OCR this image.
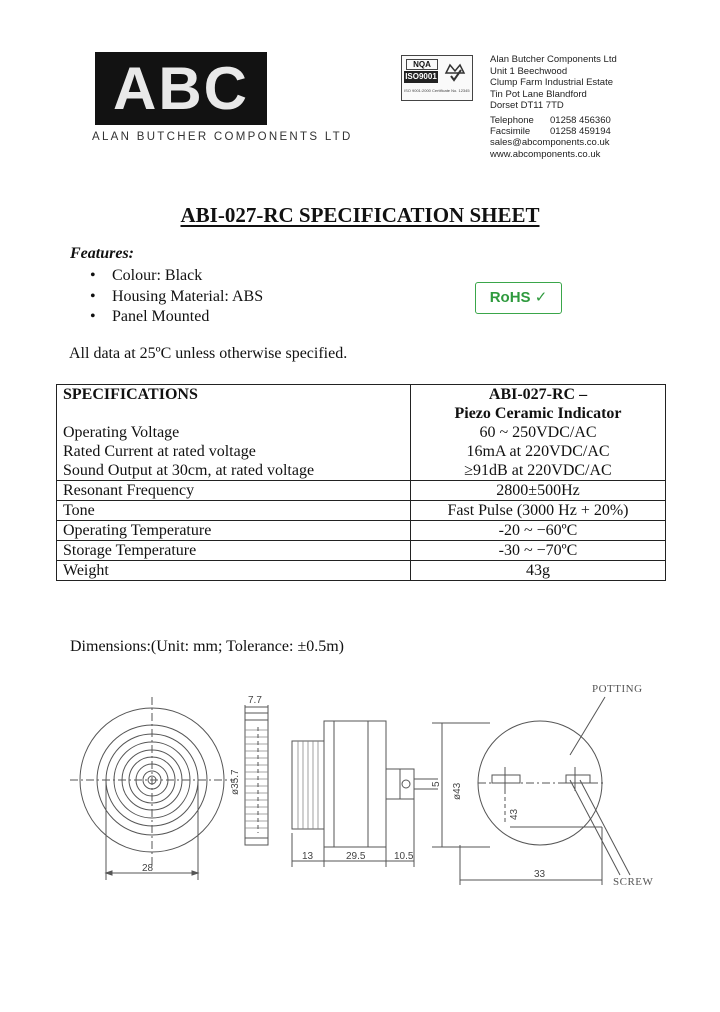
ABC
ALAN BUTCHER COMPONENTS LTD
NQA
ISO9001
ISO 9001:2000 Certificate No. 12345
Alan Butcher Components Ltd
Unit 1 Beechwood
Clump Farm Industrial Estate
Tin Pot Lane Blandford
Dorset DT11 7TD
Telephone 01258 456360
Facsimile 01258 459194
sales@abcomponents.co.uk
www.abcomponents.co.uk
ABI-027-RC SPECIFICATION SHEET
Features:
• Colour: Black
• Housing Material: ABS
• Panel Mounted
RoHS ✓
All data at 25ºC unless otherwise specified.
SPECIFICATIONS	ABI-027-RC –
	Piezo Ceramic Indicator
Operating Voltage	60 ~ 250VDC/AC
Rated Current at rated voltage	16mA at 220VDC/AC
Sound Output at 30cm, at rated voltage	≥91dB at 220VDC/AC
Resonant Frequency	2800±500Hz
Tone	Fast Pulse (3000 Hz + 20%)
Operating Temperature	-20 ~ −60ºC
Storage Temperature	-30 ~ −70ºC
Weight	43g
Dimensions:(Unit: mm; Tolerance: ±0.5m)
28
7.7
ø35.7
13	29.5	10.5
5 ø43
43
33
POTTING
SCREW
